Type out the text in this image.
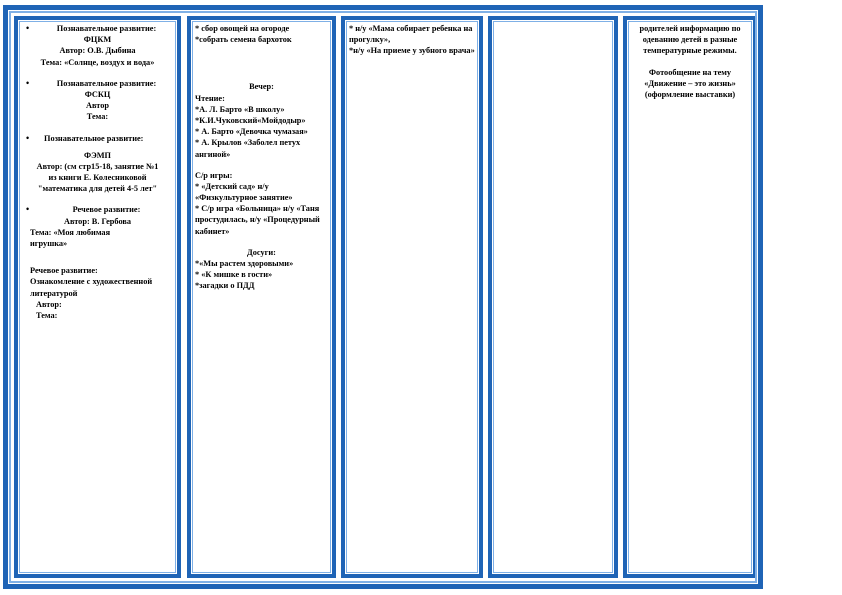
• Познавательное развитие:

ФЦКМ

Автор: О.В. Дыбина

Тема: «Солнце, воздух и вода»

• Познавательное развитие:

ФСКЦ

Автор

Тема:

• Познавательное развитие:

ФЭМП

Автор: (см стр15-18, занятие №1 из книги Е. Колесниковой "математика для детей 4-5 лет"

• Речевое развитие:

Автор: В. Гербова

Тема: «Моя любимая игрушка»

Речевое развитие:

Ознакомление с художественной литературой

Автор:

Тема:

* сбор овощей на огороде

*собрать семена бархоток

Вечер:

Чтение:

*А. Л. Барто «В школу»

*К.И.Чуковский«Мойдодыр»

* А. Барто «Девочка чумазая»

* А. Крылов «Заболел петух ангиной»

С/р игры:

* «Детский сад» н/у «Физкультурное занятие»

* С/р игра «Больница» н/у «Таня простудилась, н/у «Процедурный кабинет»

Досуги:

*«Мы растем здоровыми»

* «К мишке в гости»

*загадки о ПДД

* н/у «Мама собирает ребенка на прогулку»,

*н/у «На приеме у зубного врача»

родителей информацию по одеванию детей в разные температурные режимы.

Фотообщение на тему «Движение – это жизнь» (оформление выставки)
